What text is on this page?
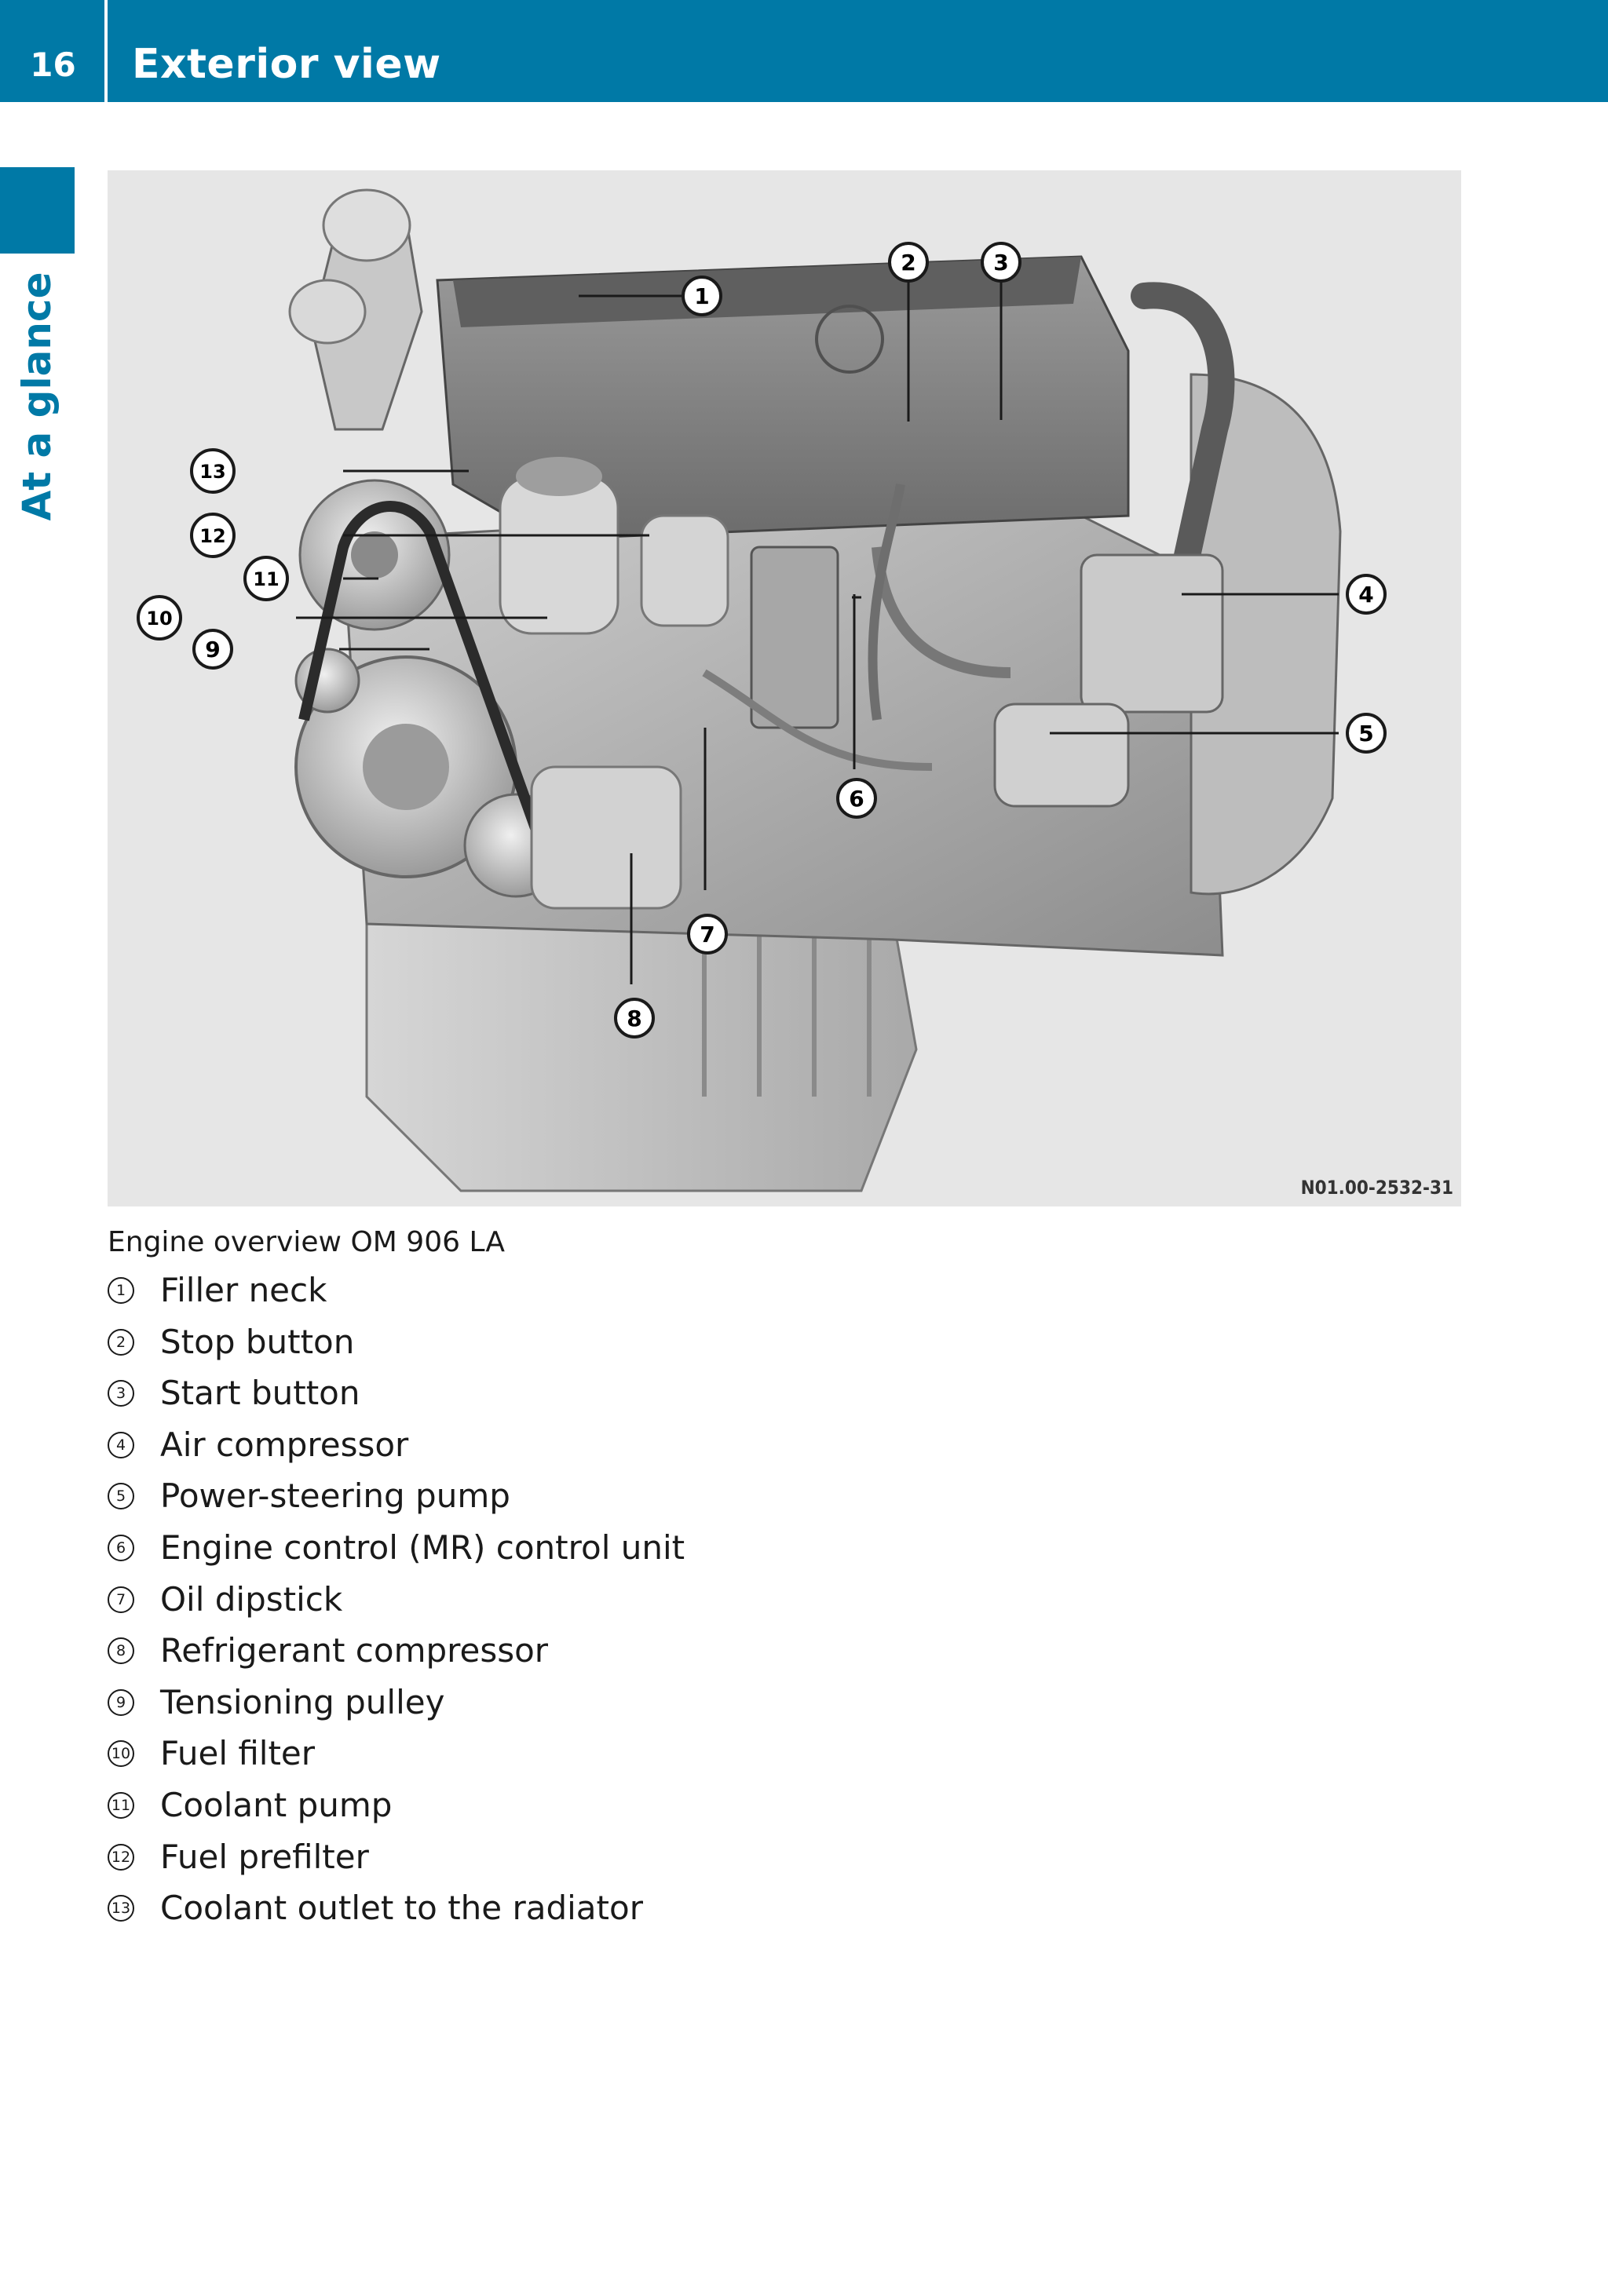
16	Exterior view
At a glance	1
2	3
4
5
6
7
8
9
10
11
12
13
N01.00-2532-31
Engine overview OM 906 LA
1 Filler neck
2 Stop button
3 Start button
4 Air compressor
5 Power-steering pump
6 Engine control (MR) control unit
7 Oil dipstick
8 Refrigerant compressor
9 Tensioning pulley
10 Fuel filter
11 Coolant pump
12 Fuel prefilter
13 Coolant outlet to the radiator
